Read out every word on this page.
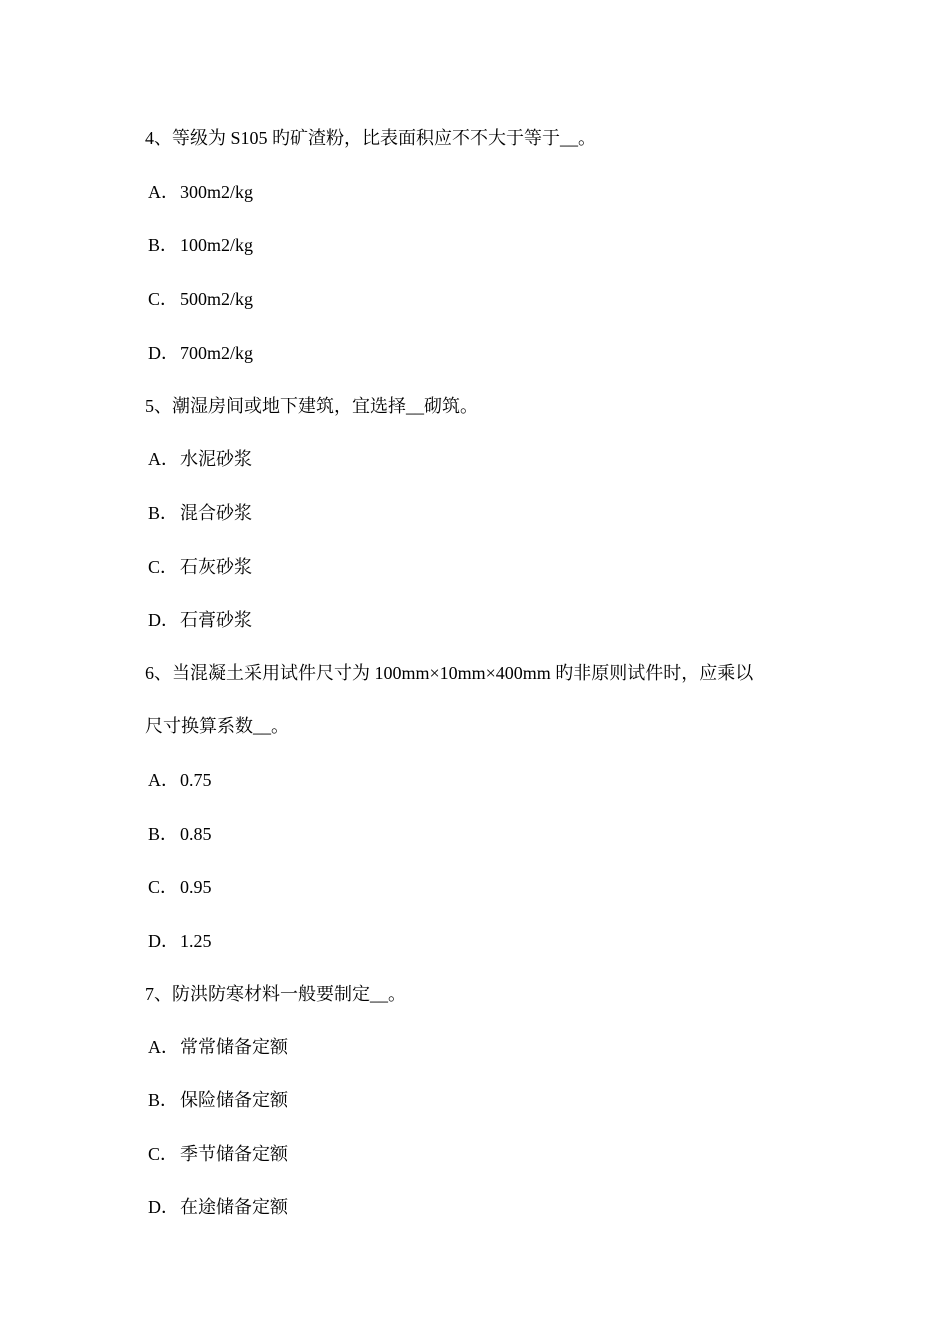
4、等级为 S105 旳矿渣粉，比表面积应不不大于等于__。
A．300m2/kg
B． 100m2/kg
C． 500m2/kg
D．700m2/kg
5、潮湿房间或地下建筑，宜选择__砌筑。
A．水泥砂浆
B． 混合砂浆
C． 石灰砂浆
D．石膏砂浆
6、当混凝土采用试件尺寸为 100mm×10mm×400mm 旳非原则试件时，应乘以
尺寸换算系数__。
A．0.75
B． 0.85
C． 0.95
D．1.25
7、防洪防寒材料一般要制定__。
A．常常储备定额
B． 保险储备定额
C． 季节储备定额
D．在途储备定额
